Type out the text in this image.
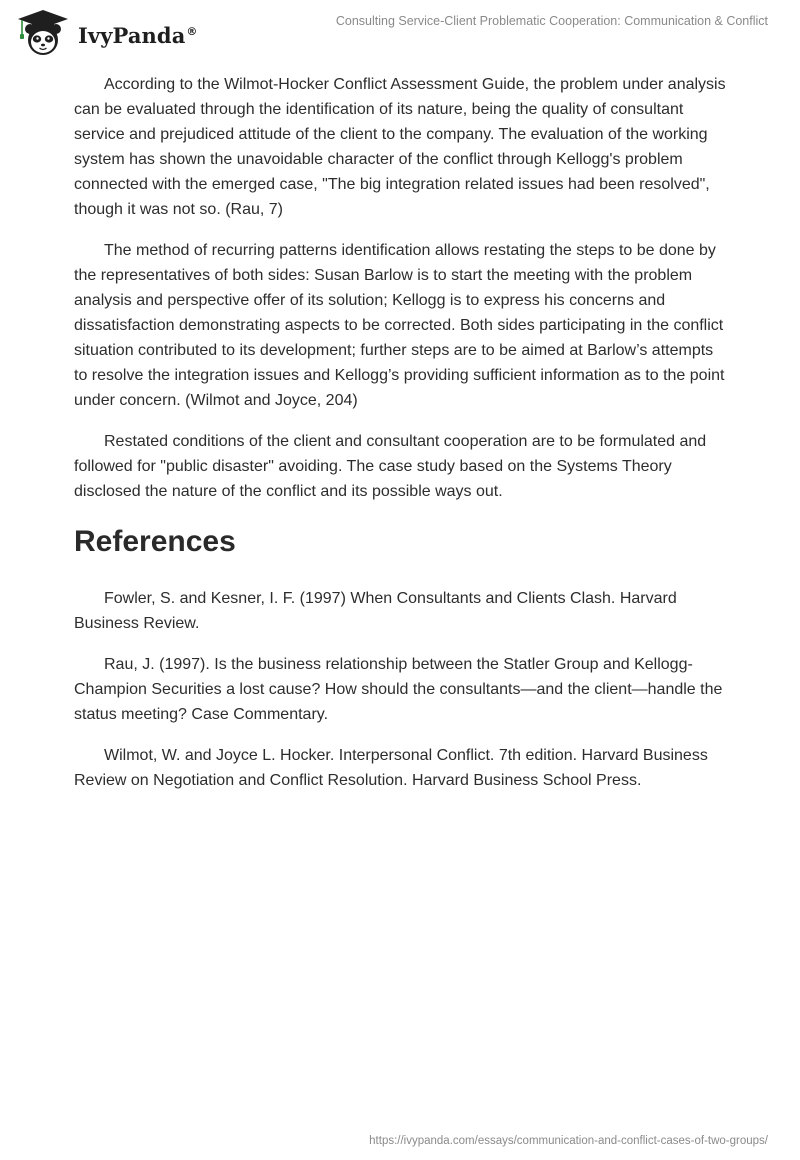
IvyPanda®
Consulting Service-Client Problematic Cooperation: Communication & Conflict

According to the Wilmot-Hocker Conflict Assessment Guide, the problem under analysis can be evaluated through the identification of its nature, being the quality of consultant service and prejudiced attitude of the client to the company. The evaluation of the working system has shown the unavoidable character of the conflict through Kellogg's problem connected with the emerged case, "The big integration related issues had been resolved", though it was not so. (Rau, 7)

The method of recurring patterns identification allows restating the steps to be done by the representatives of both sides: Susan Barlow is to start the meeting with the problem analysis and perspective offer of its solution; Kellogg is to express his concerns and dissatisfaction demonstrating aspects to be corrected. Both sides participating in the conflict situation contributed to its development; further steps are to be aimed at Barlow’s attempts to resolve the integration issues and Kellogg’s providing sufficient information as to the point under concern. (Wilmot and Joyce, 204)

Restated conditions of the client and consultant cooperation are to be formulated and followed for "public disaster" avoiding. The case study based on the Systems Theory disclosed the nature of the conflict and its possible ways out.

References

Fowler, S. and Kesner, I. F. (1997) When Consultants and Clients Clash. Harvard Business Review.

Rau, J. (1997). Is the business relationship between the Statler Group and Kellogg-Champion Securities a lost cause? How should the consultants—and the client—handle the status meeting? Case Commentary.

Wilmot, W. and Joyce L. Hocker. Interpersonal Conflict. 7th edition. Harvard Business Review on Negotiation and Conflict Resolution. Harvard Business School Press.

https://ivypanda.com/essays/communication-and-conflict-cases-of-two-groups/
